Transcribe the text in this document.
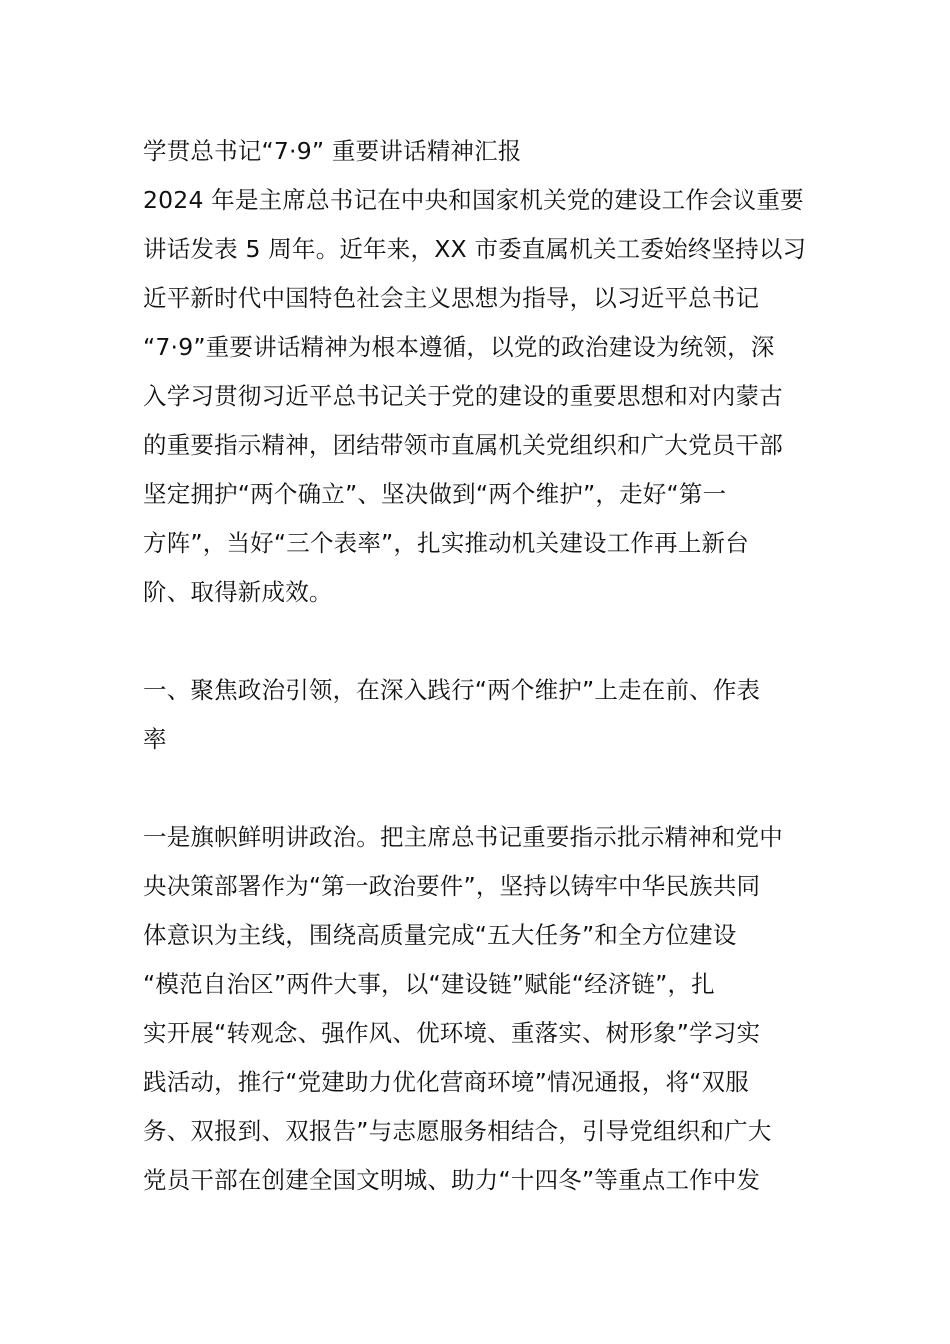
学贯总书记“7·9” 重要讲话精神汇报
2024 年是主席总书记在中央和国家机关党的建设工作会议重要
讲话发表 5 周年。近年来，XX 市委直属机关工委始终坚持以习
近平新时代中国特色社会主义思想为指导，以习近平总书记
“7·9”重要讲话精神为根本遵循，以党的政治建设为统领，深
入学习贯彻习近平总书记关于党的建设的重要思想和对内蒙古
的重要指示精神，团结带领市直属机关党组织和广大党员干部
坚定拥护“两个确立”、坚决做到“两个维护”，走好“第一
方阵”，当好“三个表率”，扎实推动机关建设工作再上新台
阶、取得新成效。
一、聚焦政治引领，在深入践行“两个维护”上走在前、作表
率
一是旗帜鲜明讲政治。把主席总书记重要指示批示精神和党中
央决策部署作为“第一政治要件”，坚持以铸牢中华民族共同
体意识为主线，围绕高质量完成“五大任务”和全方位建设
“模范自治区”两件大事，以“建设链”赋能“经济链”，扎
实开展“转观念、强作风、优环境、重落实、树形象”学习实
践活动，推行“党建助力优化营商环境”情况通报，将“双服
务、双报到、双报告”与志愿服务相结合，引导党组织和广大
党员干部在创建全国文明城、助力“十四冬”等重点工作中发
